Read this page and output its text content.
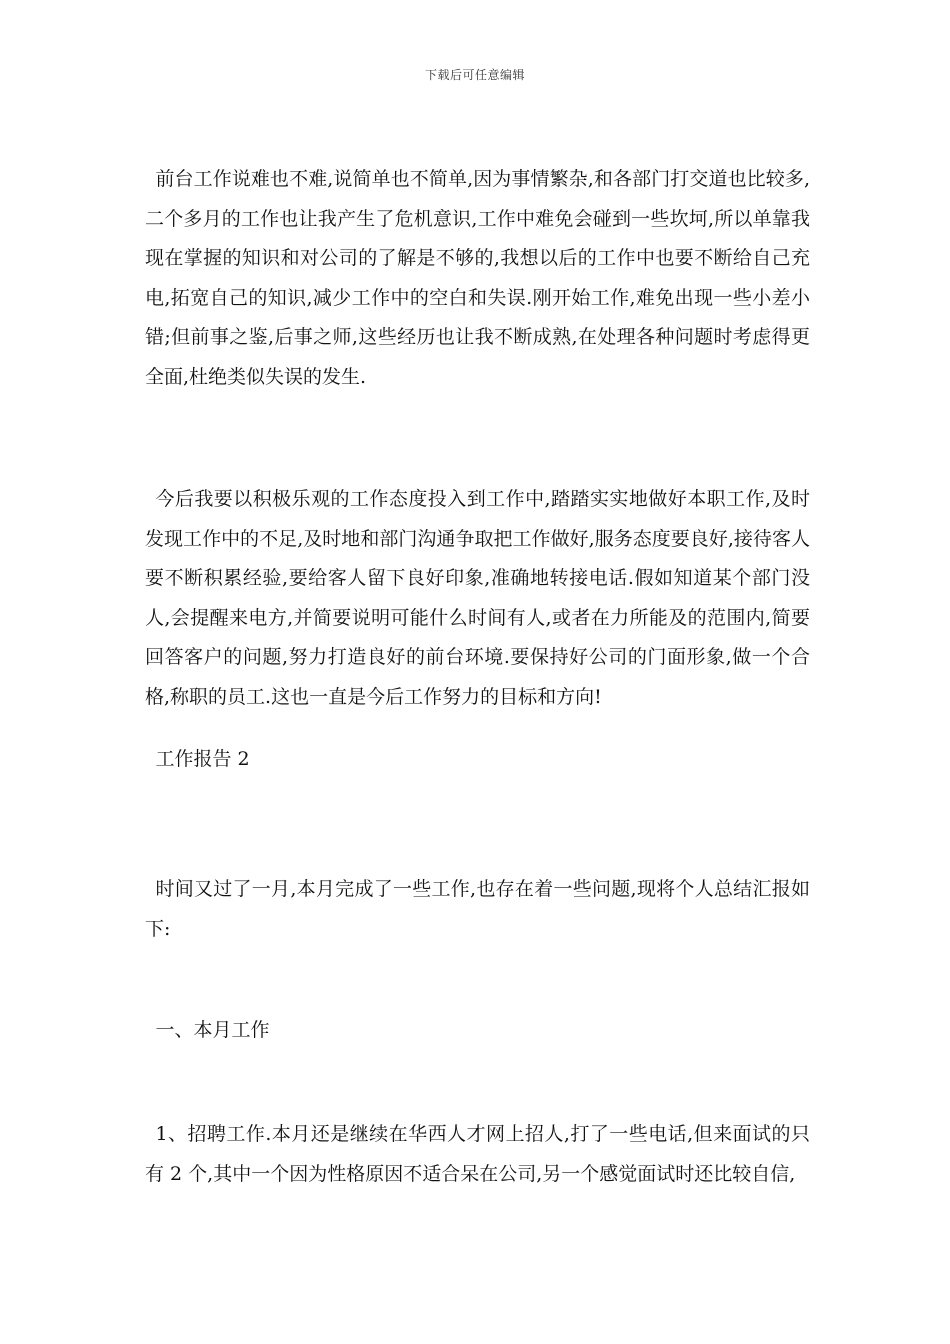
下载后可任意编辑

前台工作说难也不难,说简单也不简单,因为事情繁杂,和各部门打交道也比较多,二个多月的工作也让我产生了危机意识,工作中难免会碰到一些坎坷,所以单靠我现在掌握的知识和对公司的了解是不够的,我想以后的工作中也要不断给自己充电,拓宽自己的知识,减少工作中的空白和失误.刚开始工作,难免出现一些小差小错;但前事之鉴,后事之师,这些经历也让我不断成熟,在处理各种问题时考虑得更全面,杜绝类似失误的发生.

今后我要以积极乐观的工作态度投入到工作中,踏踏实实地做好本职工作,及时发现工作中的不足,及时地和部门沟通争取把工作做好,服务态度要良好,接待客人要不断积累经验,要给客人留下良好印象,准确地转接电话.假如知道某个部门没人,会提醒来电方,并简要说明可能什么时间有人,或者在力所能及的范围内,简要回答客户的问题,努力打造良好的前台环境.要保持好公司的门面形象,做一个合格,称职的员工.这也一直是今后工作努力的目标和方向!

工作报告 2

时间又过了一月,本月完成了一些工作,也存在着一些问题,现将个人总结汇报如下:

一、本月工作

1、招聘工作.本月还是继续在华西人才网上招人,打了一些电话,但来面试的只有 2 个,其中一个因为性格原因不适合呆在公司,另一个感觉面试时还比较自信,
